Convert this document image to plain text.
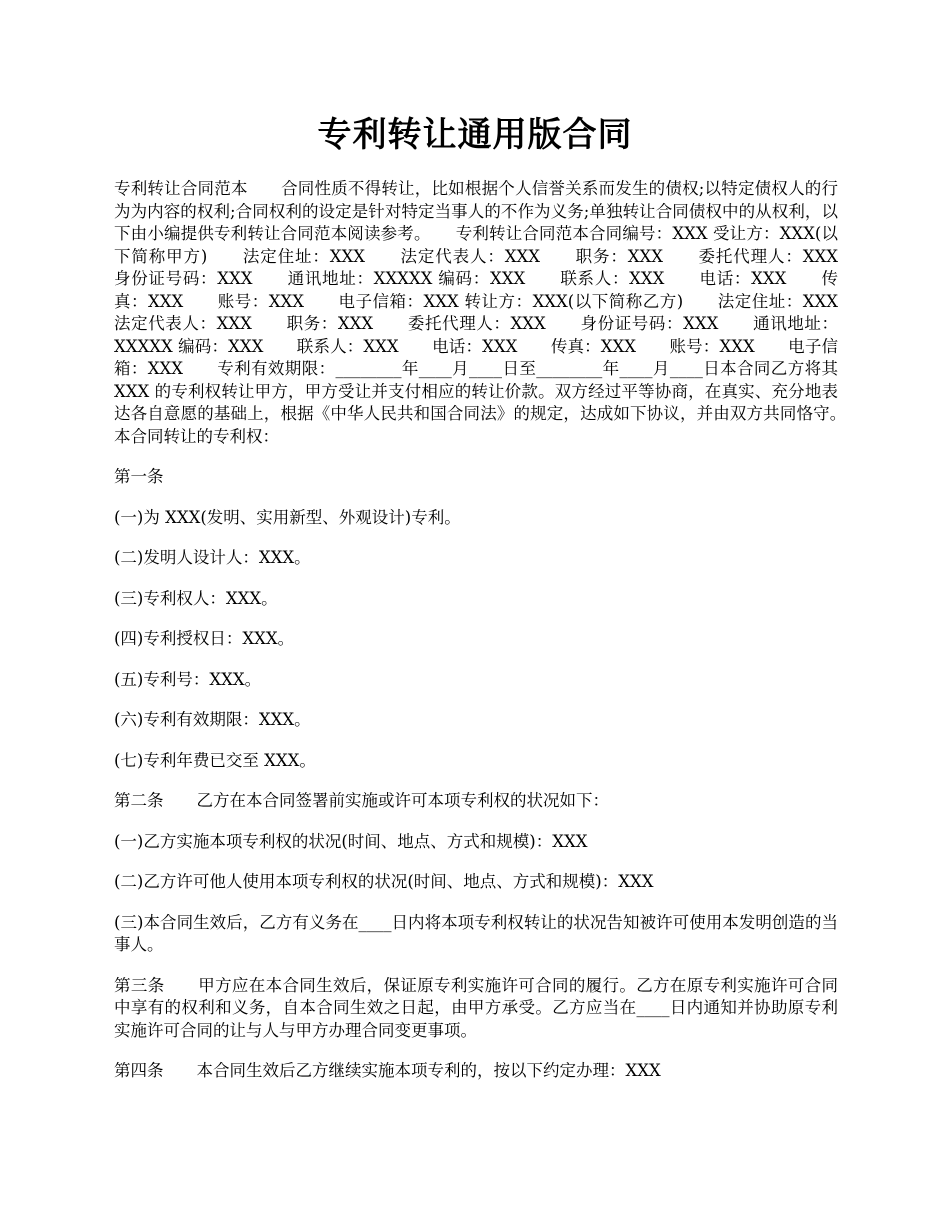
专利转让通用版合同

专利转让合同范本　　合同性质不得转让，比如根据个人信誉关系而发生的债权;以特定债权人的行为为内容的权利;合同权利的设定是针对特定当事人的不作为义务;单独转让合同债权中的从权利，以下由小编提供专利转让合同范本阅读参考。　　专利转让合同范本合同编号：XXX 受让方：XXX(以下简称甲方)　　法定住址：XXX　　法定代表人：XXX　　职务：XXX　　委托代理人：XXX　　身份证号码：XXX　　通讯地址：XXXXX 编码：XXX　　联系人：XXX　　电话：XXX　　传真：XXX　　账号：XXX　　电子信箱：XXX 转让方：XXX(以下简称乙方)　　法定住址：XXX　　法定代表人：XXX　　职务：XXX　　委托代理人：XXX　　身份证号码：XXX　　通讯地址：XXXXX 编码：XXX　　联系人：XXX　　电话：XXX　　传真：XXX　　账号：XXX　　电子信箱：XXX　　专利有效期限：________年____月____日至________年____月____日本合同乙方将其 XXX 的专利权转让甲方，甲方受让并支付相应的转让价款。双方经过平等协商，在真实、充分地表达各自意愿的基础上，根据《中华人民共和国合同法》的规定，达成如下协议，并由双方共同恪守。　　本合同转让的专利权：

第一条

(一)为 XXX(发明、实用新型、外观设计)专利。

(二)发明人设计人：XXX。

(三)专利权人：XXX。

(四)专利授权日：XXX。

(五)专利号：XXX。

(六)专利有效期限：XXX。

(七)专利年费已交至 XXX。

第二条　　乙方在本合同签署前实施或许可本项专利权的状况如下：

(一)乙方实施本项专利权的状况(时间、地点、方式和规模)：XXX

(二)乙方许可他人使用本项专利权的状况(时间、地点、方式和规模)：XXX

(三)本合同生效后，乙方有义务在____日内将本项专利权转让的状况告知被许可使用本发明创造的当事人。

第三条　　甲方应在本合同生效后，保证原专利实施许可合同的履行。乙方在原专利实施许可合同中享有的权利和义务，自本合同生效之日起，由甲方承受。乙方应当在____日内通知并协助原专利实施许可合同的让与人与甲方办理合同变更事项。

第四条　　本合同生效后乙方继续实施本项专利的，按以下约定办理：XXX
